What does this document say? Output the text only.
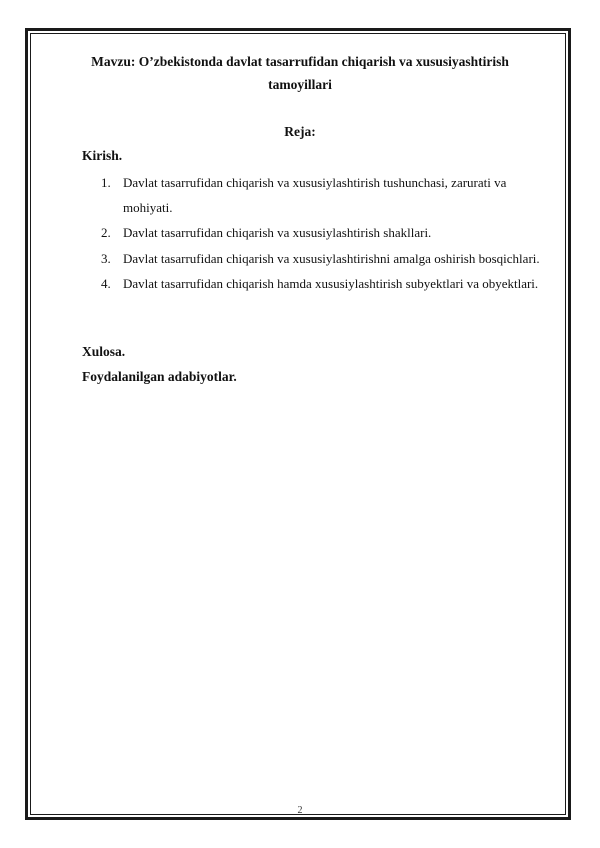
Mavzu: O’zbekistonda davlat tasarrufidan chiqarish va xususiyashtirish tamoyillari
Reja:
Kirish.
1. Davlat tasarrufidan chiqarish va xususiylashtirish tushunchasi, zarurati va mohiyati.
2. Davlat tasarrufidan chiqarish va xususiylashtirish shakllari.
3. Davlat tasarrufidan chiqarish va xususiylashtirishni amalga oshirish bosqichlari.
4. Davlat tasarrufidan chiqarish hamda xususiylashtirish subyektlari va obyektlari.
Xulosa.
Foydalanilgan adabiyotlar.
2
